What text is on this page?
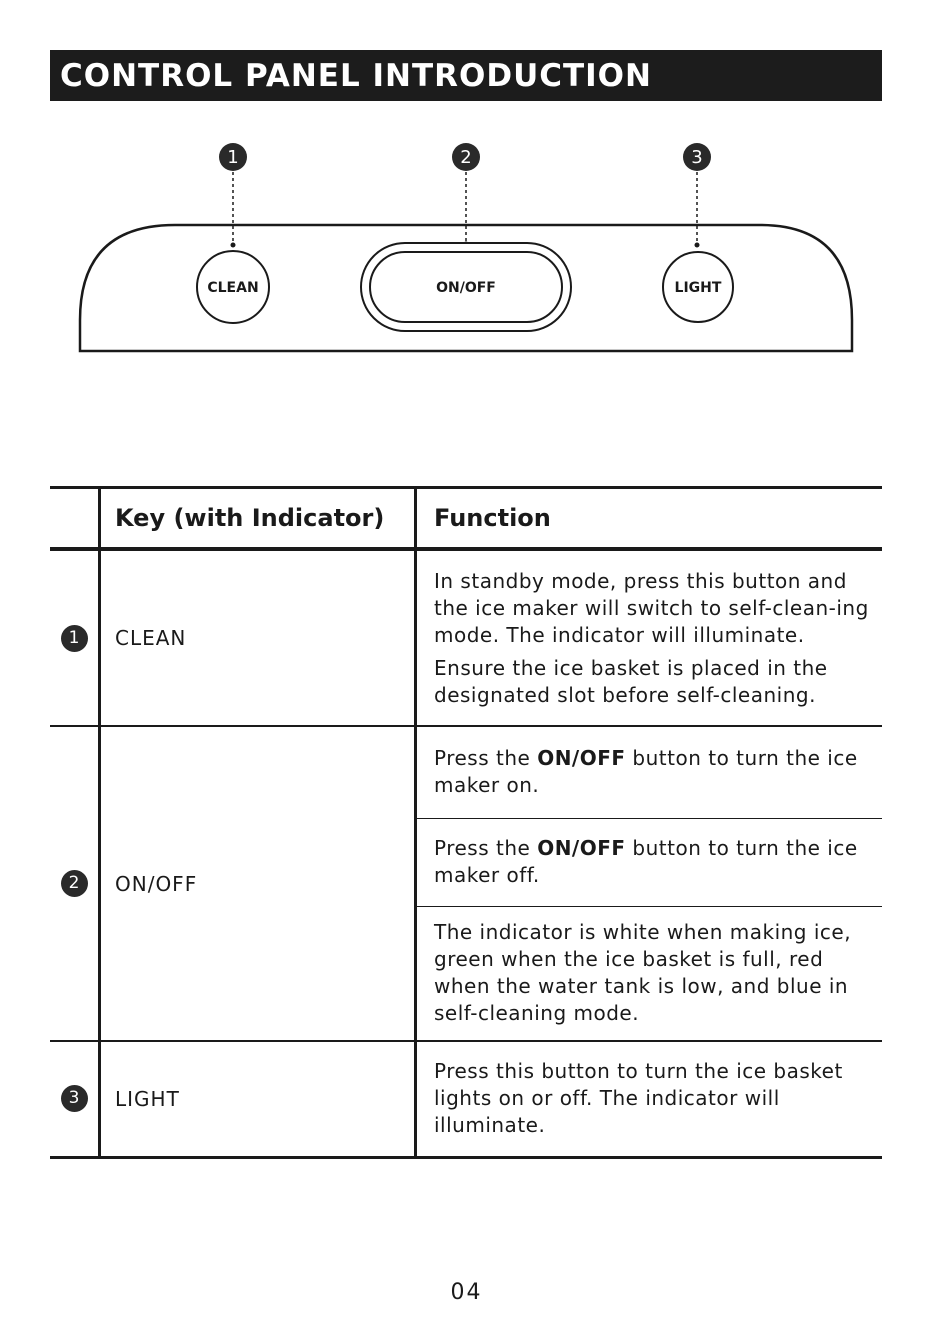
CONTROL PANEL INTRODUCTION
1	2	3
CLEAN	ON/OFF	LIGHT
	Key (with Indicator)	Function
1	CLEAN	In standby mode, press this button and the ice maker will switch to self-clean-ing mode. The indicator will illuminate.

Ensure the ice basket is placed in the designated slot before self-cleaning.

2	ON/OFF	Press the ON/OFF button to turn the ice maker on.
		Press the ON/OFF button to turn the ice maker off.
		The indicator is white when making ice, green when the ice basket is full, red when the water tank is low, and blue in self-cleaning mode.
3	LIGHT	Press this button to turn the ice basket lights on or off. The indicator will illuminate.
04
